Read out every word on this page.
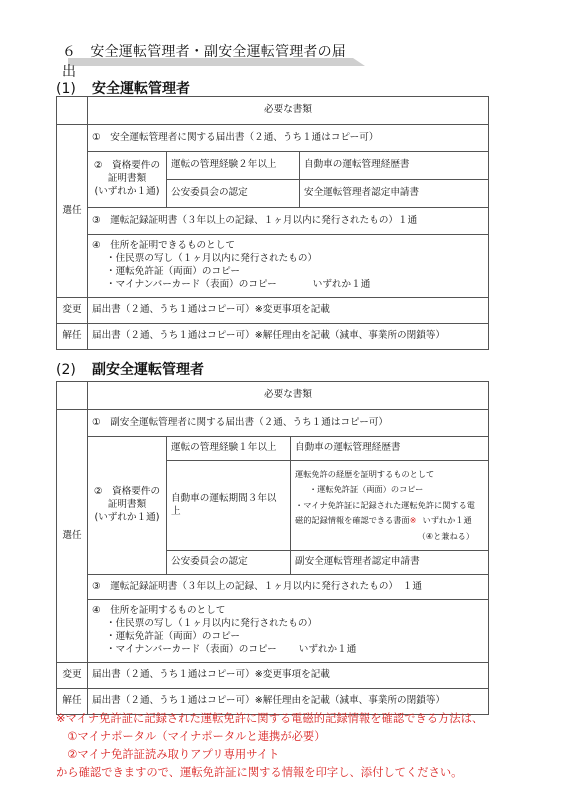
６　安全運転管理者・副安全運転管理者の届出
(1) 安全運転管理者
	必要な書類		
選任	①　安全運転管理者に関する届出書（２通、うち１通はコピー可）		

	②　資格要件の
証明書類
(いずれか１通)	運転の管理経験２年以上	自動車の運転管理経歴書
		公安委員会の認定	安全運転管理者認定申請書
	③　運転記録証明書（３年以上の記録、１ヶ月以内に発行されたもの）１通		

	④　住所を証明できるものとして
・住民票の写し（１ヶ月以内に発行されたもの）
・運転免許証（両面）のコピー
・マイナンバーカード（表面）のコピー いずれか１通		

変更	届出書（２通、うち１通はコピー可）※変更事項を記載		
解任	届出書（２通、うち１通はコピー可）※解任理由を記載（減車、事業所の閉鎖等）		
(2) 副安全運転管理者
	必要な書類		
選任	①　副安全運転管理者に関する届出書（２通、うち１通はコピー可）		

	②　資格要件の
証明書類
(いずれか１通)	運転の管理経験１年以上	自動車の運転管理経歴書
		自動車の運転期間３年以上	運転免許の経歴を証明するものとして
・運転免許証（両面）のコピー
・マイナ免許証に記録された運転免許に関する電
磁的記録情報を確認できる書面※ いずれか１通
（④と兼ねる）

		公安委員会の認定	副安全運転管理者認定申請書
	③　運転記録証明書（３年以上の記録、１ヶ月以内に発行されたもの）　１通		

	④　住所を証明するものとして
・住民票の写し（１ヶ月以内に発行されたもの）
・運転免許証（両面）のコピー
・マイナンバーカード（表面）のコピー いずれか１通		

変更	届出書（２通、うち１通はコピー可）※変更事項を記載		
解任	届出書（２通、うち１通はコピー可）※解任理由を記載（減車、事業所の閉鎖等）		
※マイナ免許証に記録された運転免許に関する電磁的記録情報を確認できる方法は、
　①マイナポータル（マイナポータルと連携が必要）
　②マイナ免許証読み取りアプリ専用サイト
から確認できますので、運転免許証に関する情報を印字し、添付してください。
